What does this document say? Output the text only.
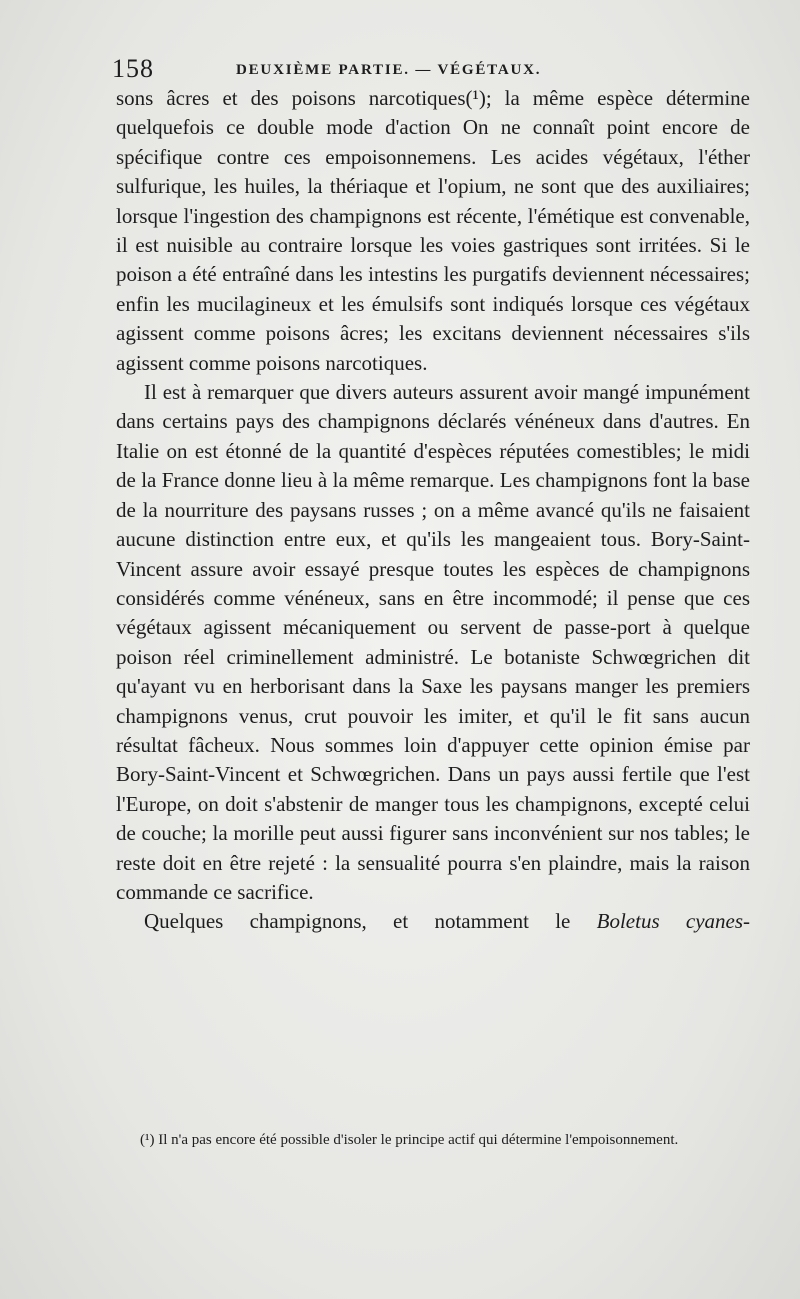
158	DEUXIÈME PARTIE. — VÉGÉTAUX.

sons âcres et des poisons narcotiques(¹); la même espèce détermine quelquefois ce double mode d'action On ne connaît point encore de spécifique contre ces empoisonnemens. Les acides végétaux, l'éther sulfurique, les huiles, la thériaque et l'opium, ne sont que des auxiliaires; lorsque l'ingestion des champignons est récente, l'émétique est convenable, il est nuisible au contraire lorsque les voies gastriques sont irritées. Si le poison a été entraîné dans les intestins les purgatifs deviennent nécessaires; enfin les mucilagineux et les émulsifs sont indiqués lorsque ces végétaux agissent comme poisons âcres; les excitans deviennent nécessaires s'ils agissent comme poisons narcotiques.

Il est à remarquer que divers auteurs assurent avoir mangé impunément dans certains pays des champignons déclarés vénéneux dans d'autres. En Italie on est étonné de la quantité d'espèces réputées comestibles; le midi de la France donne lieu à la même remarque. Les champignons font la base de la nourriture des paysans russes ; on a même avancé qu'ils ne faisaient aucune distinction entre eux, et qu'ils les mangeaient tous. Bory-Saint-Vincent assure avoir essayé presque toutes les espèces de champignons considérés comme vénéneux, sans en être incommodé; il pense que ces végétaux agissent mécaniquement ou servent de passe-port à quelque poison réel criminellement administré. Le botaniste Schwœgrichen dit qu'ayant vu en herborisant dans la Saxe les paysans manger les premiers champignons venus, crut pouvoir les imiter, et qu'il le fit sans aucun résultat fâcheux. Nous sommes loin d'appuyer cette opinion émise par Bory-Saint-Vincent et Schwœgrichen. Dans un pays aussi fertile que l'est l'Europe, on doit s'abstenir de manger tous les champignons, excepté celui de couche; la morille peut aussi figurer sans inconvénient sur nos tables; le reste doit en être rejeté : la sensualité pourra s'en plaindre, mais la raison commande ce sacrifice.

Quelques champignons, et notamment le Boletus cyanes-

(¹) Il n'a pas encore été possible d'isoler le principe actif qui détermine l'empoisonnement.
